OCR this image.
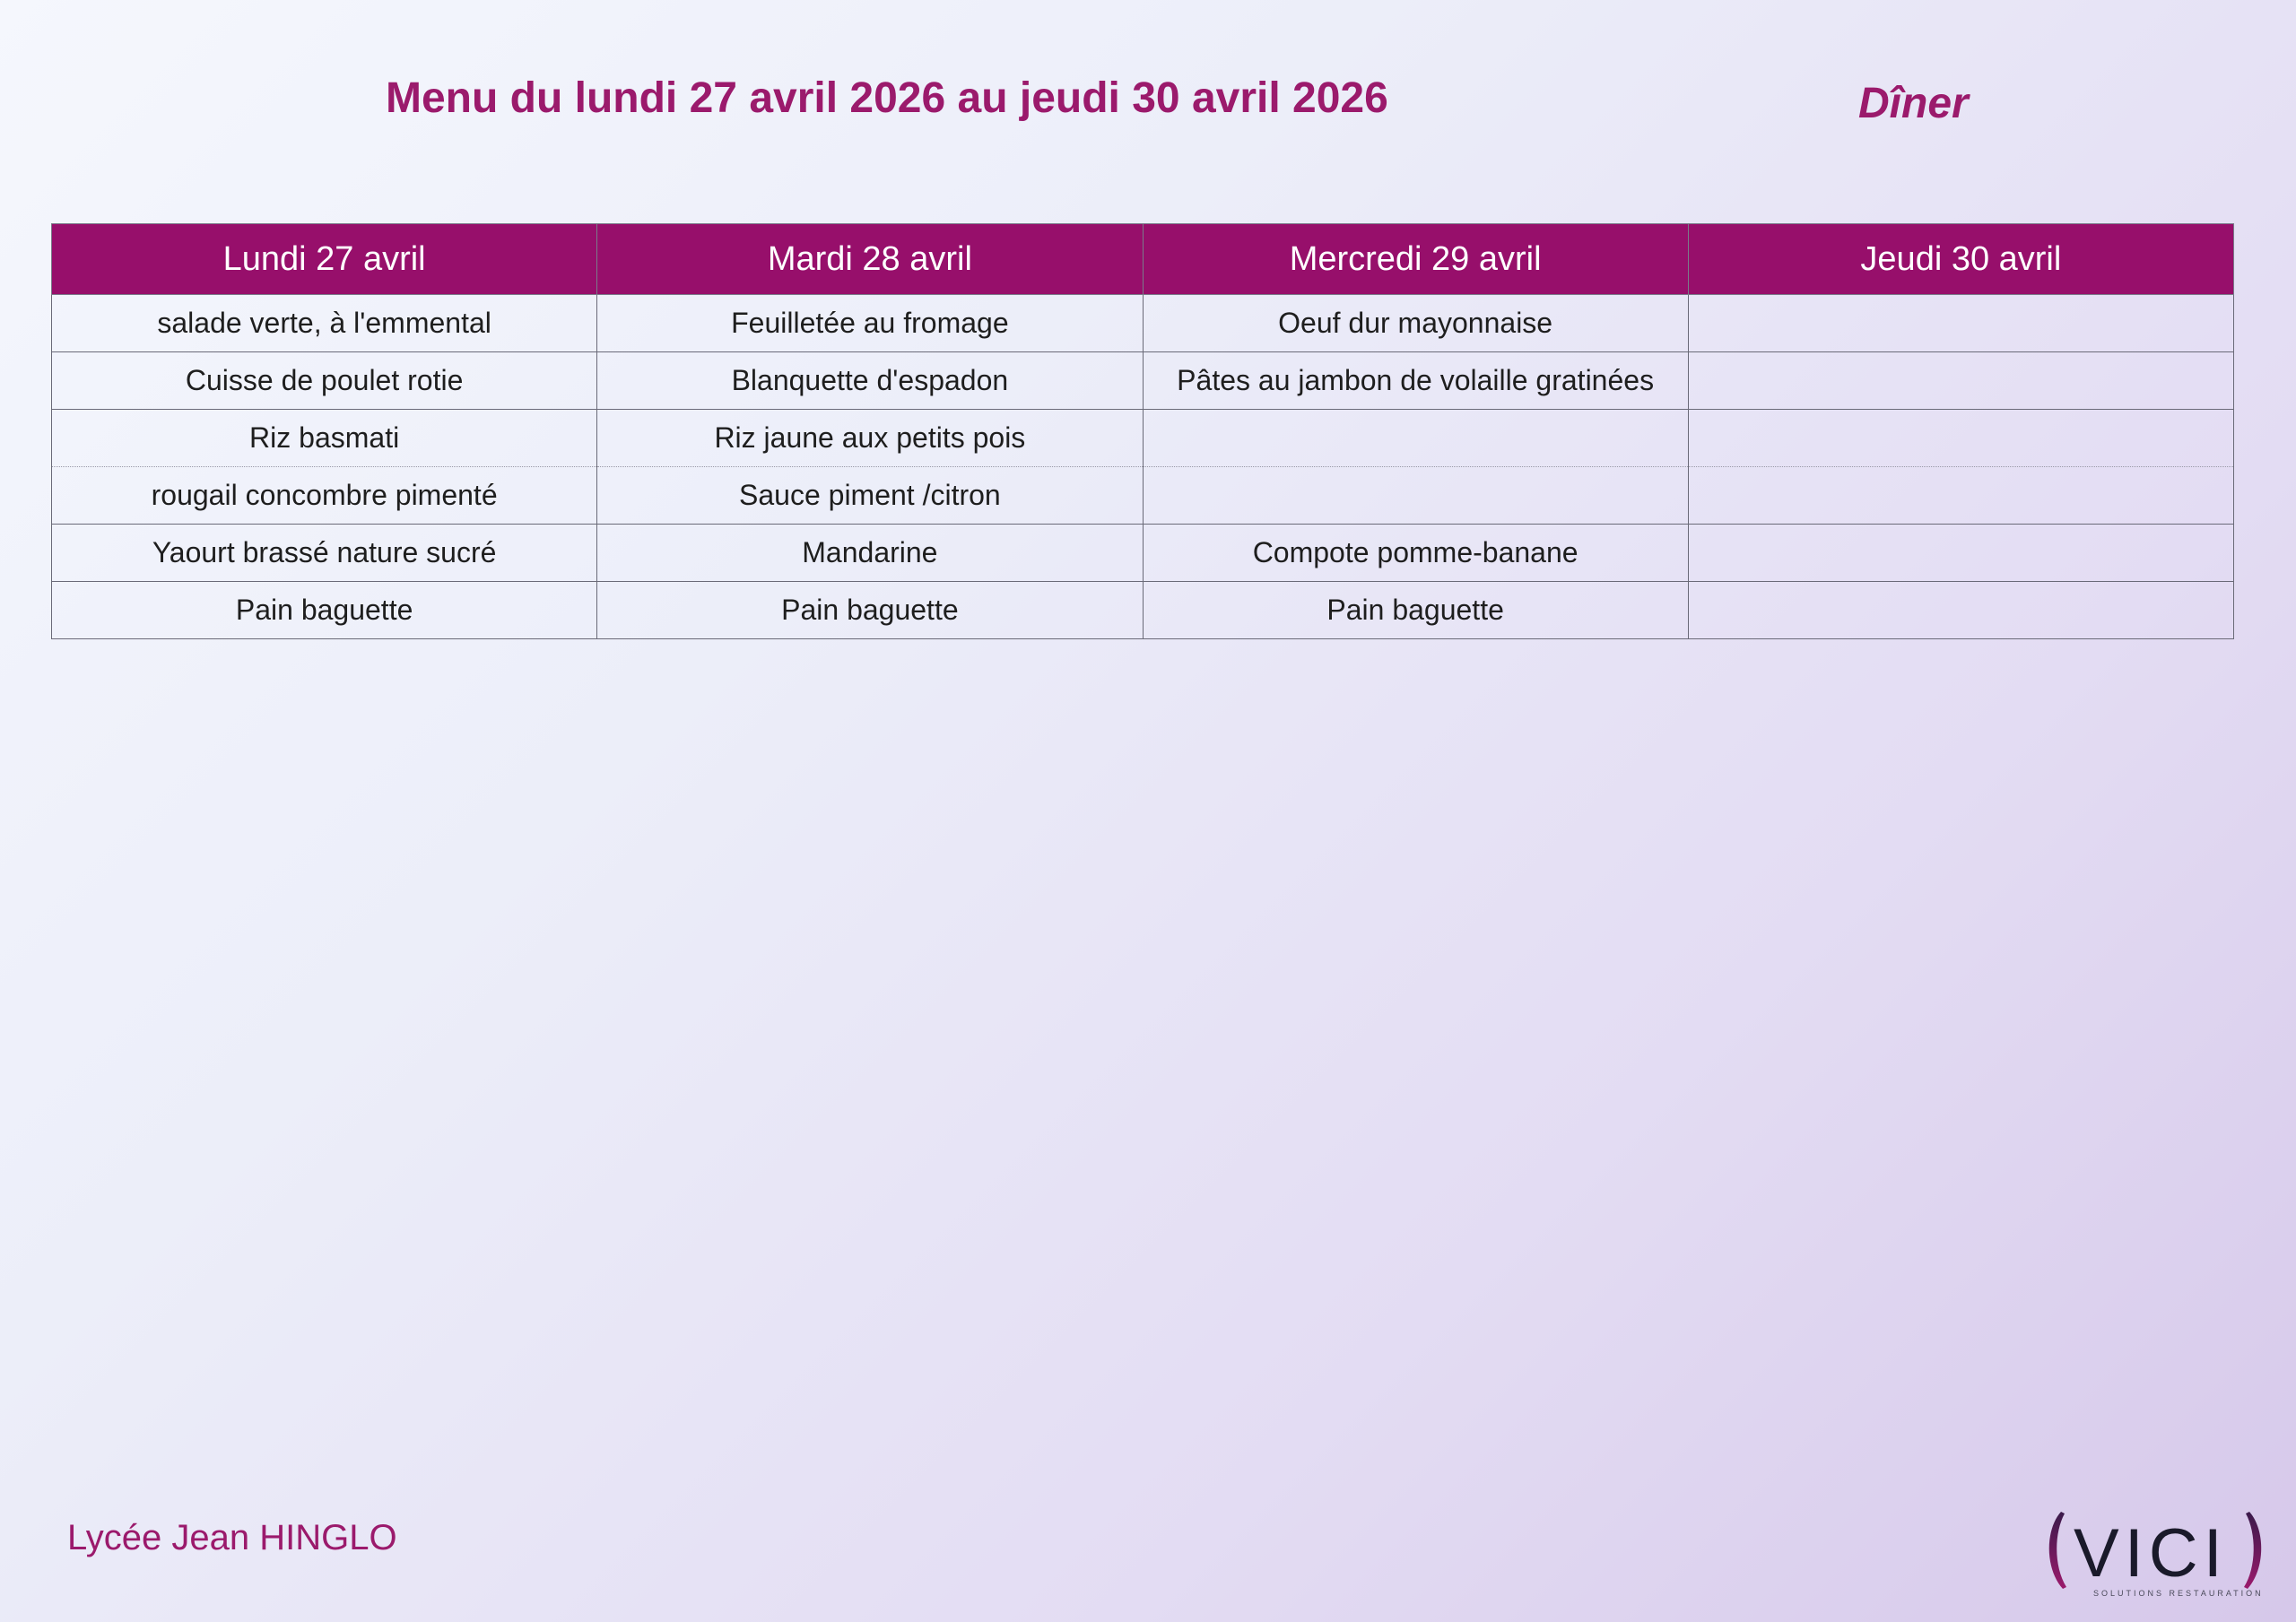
Menu du lundi 27 avril 2026 au jeudi 30 avril 2026	Dîner
Lundi 27 avril	Mardi 28 avril	Mercredi 29 avril	Jeudi 30 avril
salade verte, à l'emmental	Feuilletée au fromage	Oeuf dur mayonnaise	
Cuisse de poulet rotie	Blanquette d'espadon	Pâtes au jambon de volaille gratinées	
Riz basmati	Riz jaune aux petits pois		
rougail concombre pimenté	Sauce piment /citron		
Yaourt brassé nature sucré	Mandarine	Compote pomme-banane	
Pain baguette	Pain baguette	Pain baguette	
Lycée Jean HINGLO	VICI
SOLUTIONS RESTAURATION
